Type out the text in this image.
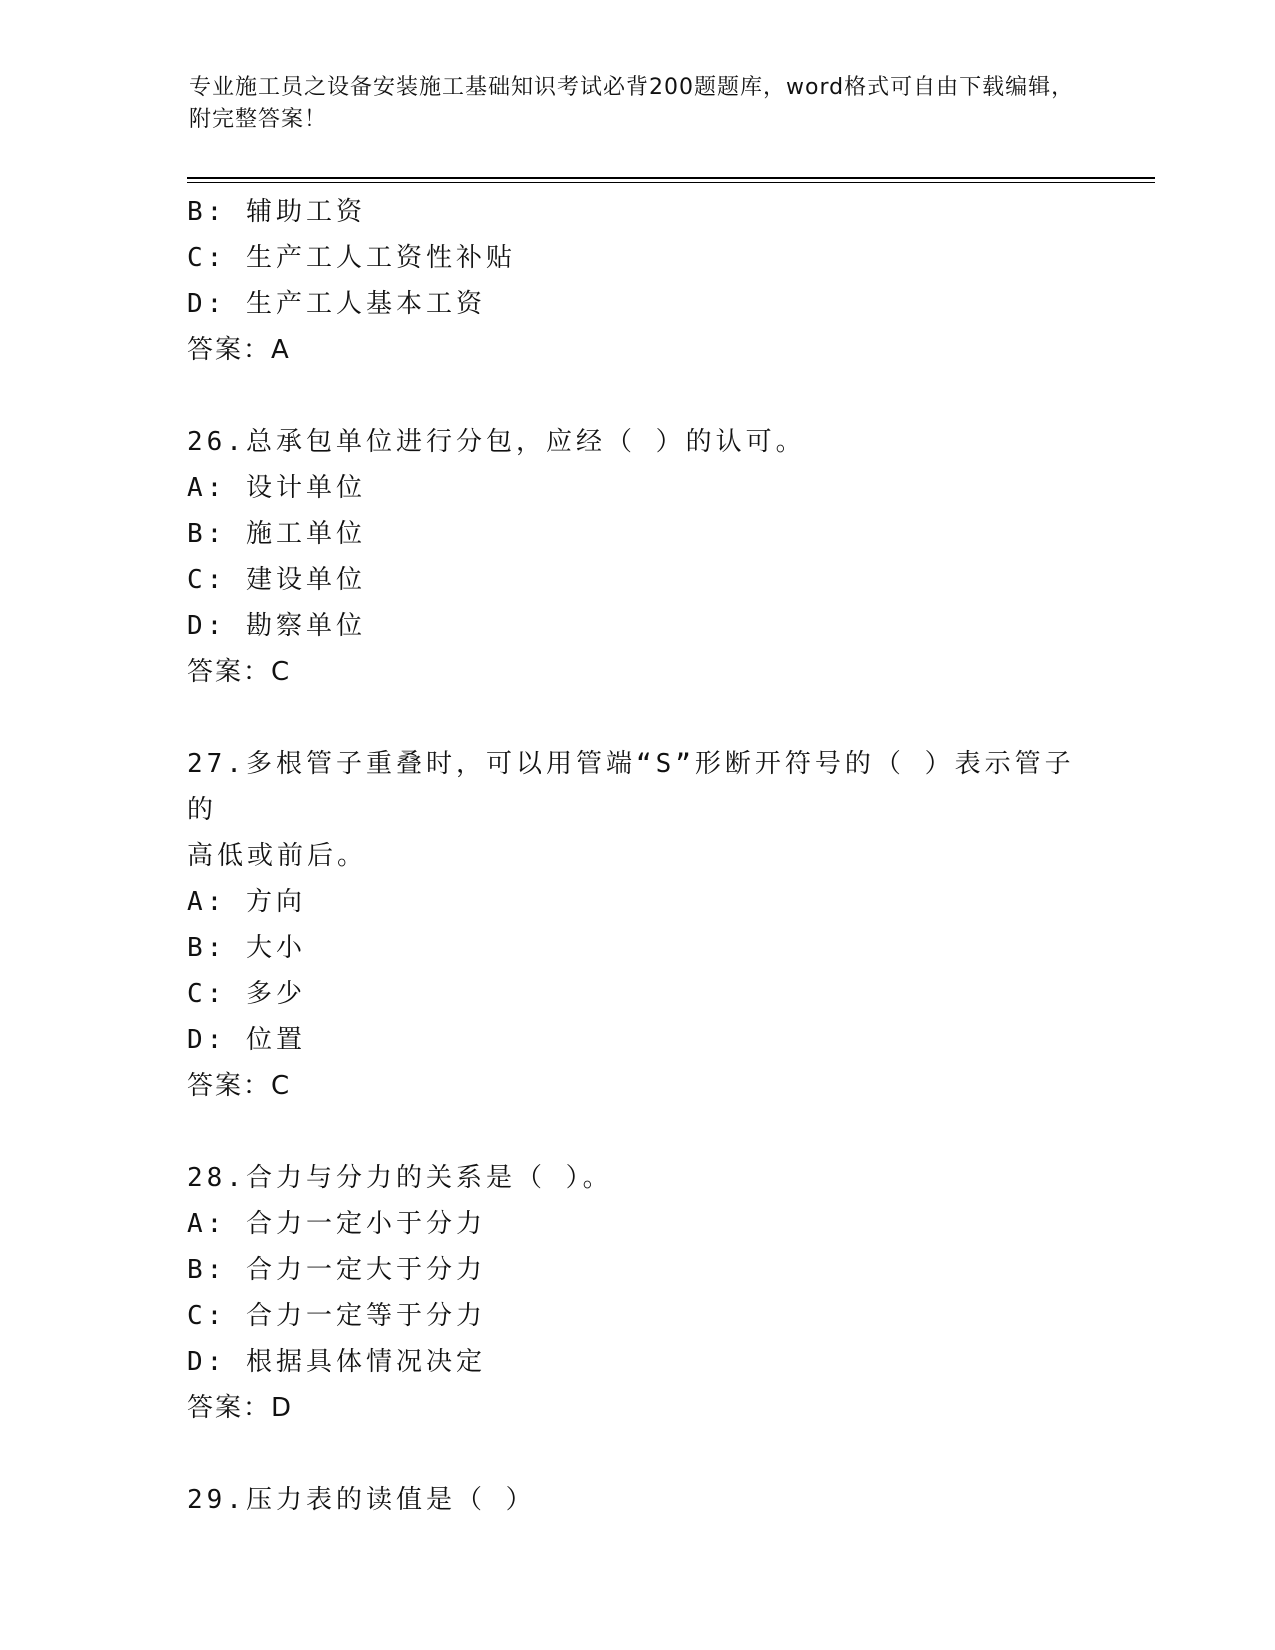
专业施工员之设备安装施工基础知识考试必背200题题库，word格式可自由下载编辑，附完整答案！
B: 辅助工资
C: 生产工人工资性补贴
D: 生产工人基本工资
答案：A
26.总承包单位进行分包，应经（ ）的认可。
A: 设计单位
B: 施工单位
C: 建设单位
D: 勘察单位
答案：C
27.多根管子重叠时，可以用管端“S”形断开符号的（ ）表示管子的
高低或前后。
A: 方向
B: 大小
C: 多少
D: 位置
答案：C
28.合力与分力的关系是（ ）。
A: 合力一定小于分力
B: 合力一定大于分力
C: 合力一定等于分力
D: 根据具体情况决定
答案：D
29.压力表的读值是（ ）
